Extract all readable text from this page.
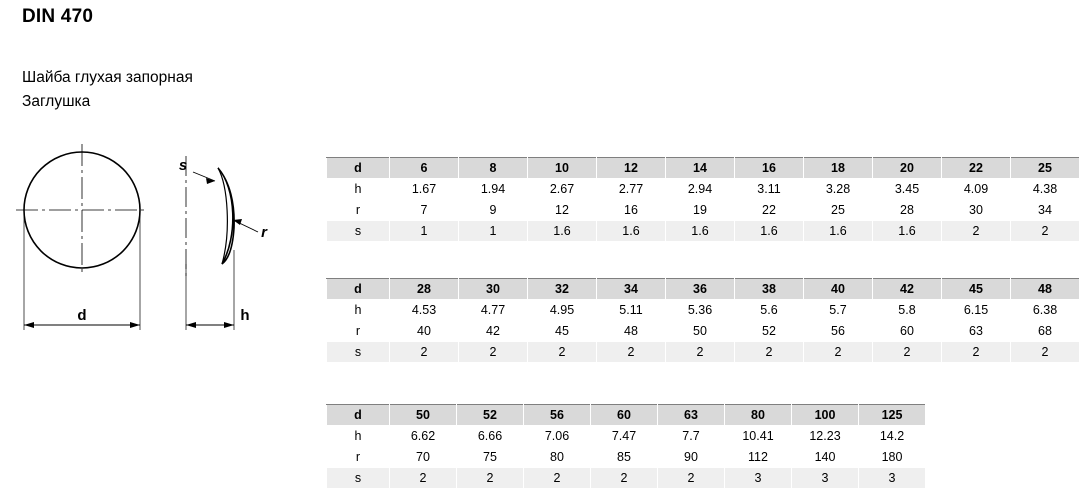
DIN 470
Шайба глухая запорная
Заглушка
d
s
r
h
d	6	8	10	12	14	16	18	20	22	25
h	1.67	1.94	2.67	2.77	2.94	3.11	3.28	3.45	4.09	4.38
r	7	9	12	16	19	22	25	28	30	34
s	1	1	1.6	1.6	1.6	1.6	1.6	1.6	2	2
d	28	30	32	34	36	38	40	42	45	48
h	4.53	4.77	4.95	5.11	5.36	5.6	5.7	5.8	6.15	6.38
r	40	42	45	48	50	52	56	60	63	68
s	2	2	2	2	2	2	2	2	2	2
d	50	52	56	60	63	80	100	125
h	6.62	6.66	7.06	7.47	7.7	10.41	12.23	14.2
r	70	75	80	85	90	112	140	180
s	2	2	2	2	2	3	3	3
